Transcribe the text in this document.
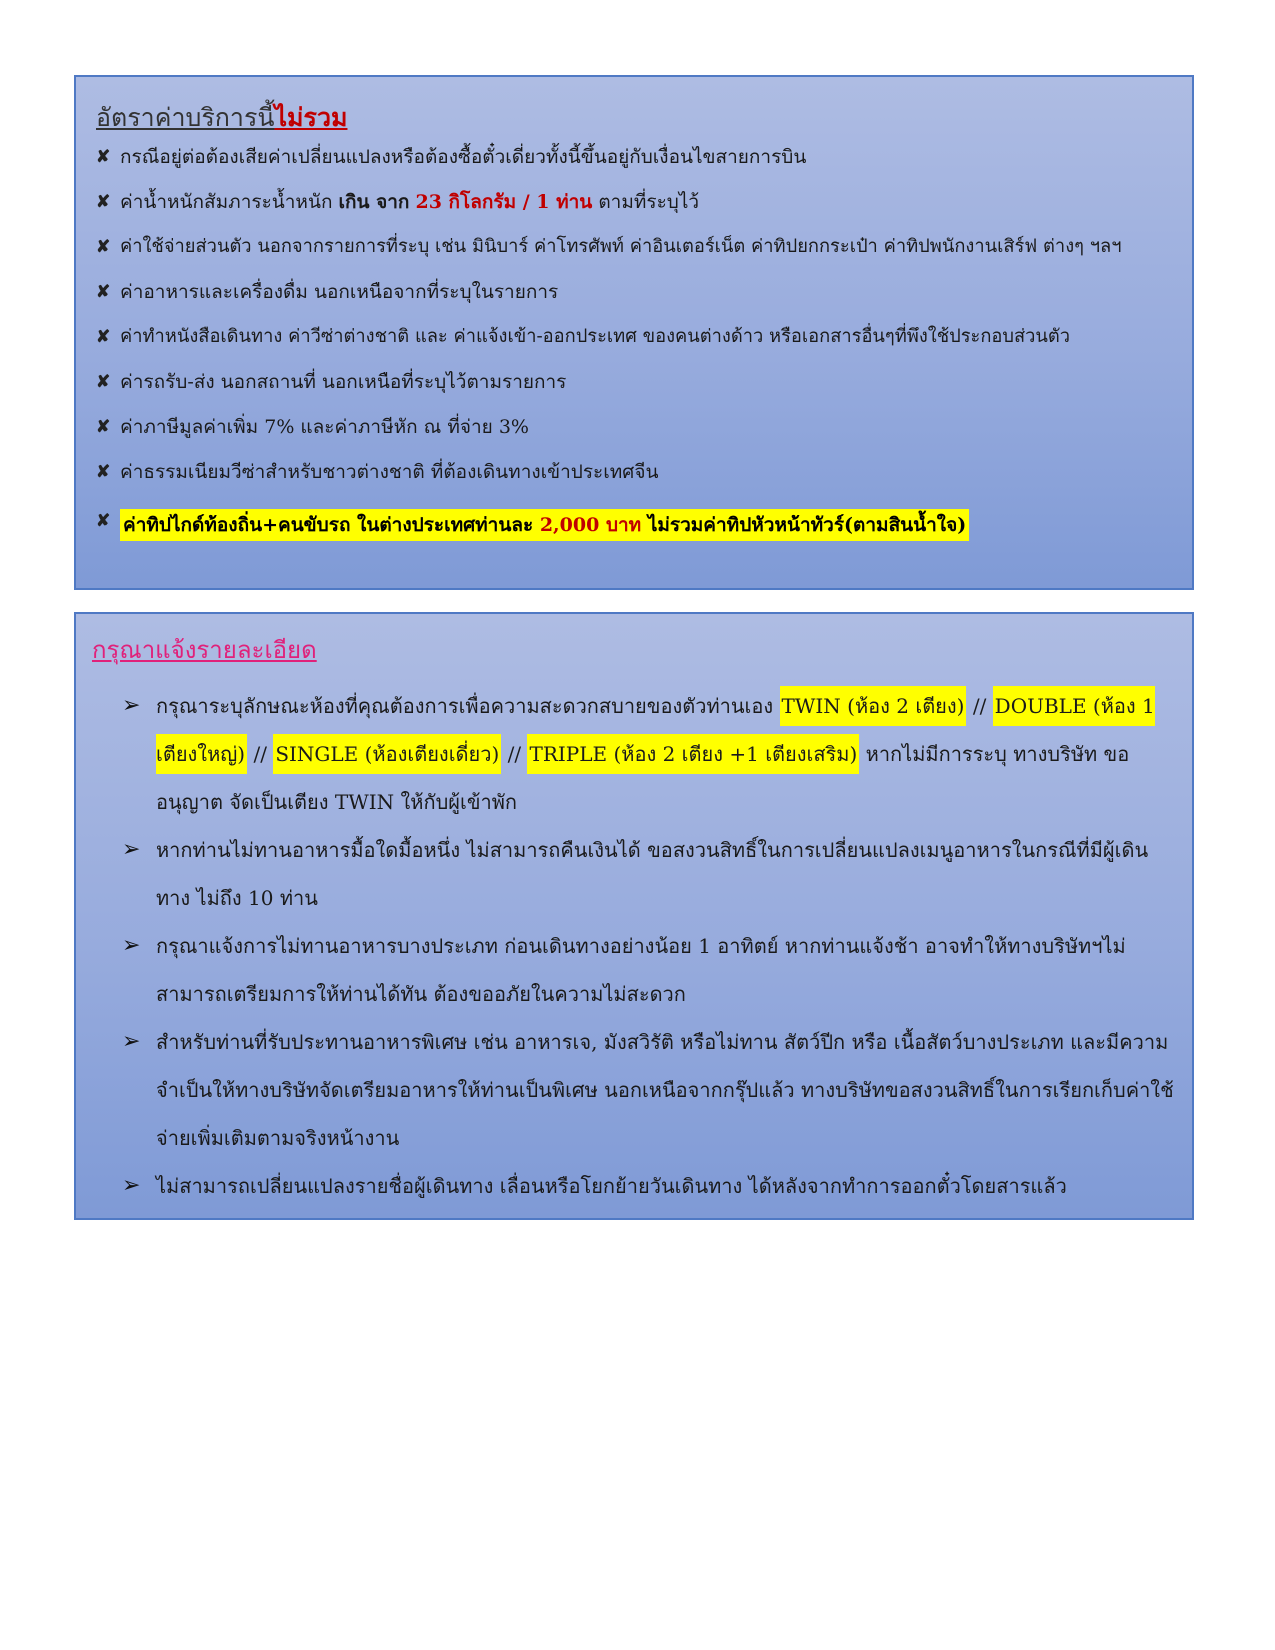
อัตราค่าบริการนี้ไม่รวม
✘ กรณีอยู่ต่อต้องเสียค่าเปลี่ยนแปลงหรือต้องซื้อตั๋วเดี่ยวทั้งนี้ขึ้นอยู่กับเงื่อนไขสายการบิน
✘ ค่าน้ำหนักสัมภาระน้ำหนัก เกิน จาก 23 กิโลกรัม / 1 ท่าน ตามที่ระบุไว้
✘ ค่าใช้จ่ายส่วนตัว นอกจากรายการที่ระบุ เช่น มินิบาร์ ค่าโทรศัพท์ ค่าอินเตอร์เน็ต ค่าทิปยกกระเป๋า ค่าทิปพนักงานเสิร์ฟ ต่างๆ ฯลฯ
✘ ค่าอาหารและเครื่องดื่ม นอกเหนือจากที่ระบุในรายการ
✘ ค่าทำหนังสือเดินทาง ค่าวีซ่าต่างชาติ และ ค่าแจ้งเข้า-ออกประเทศ ของคนต่างด้าว หรือเอกสารอื่นๆที่พึงใช้ประกอบส่วนตัว
✘ ค่ารถรับ-ส่ง นอกสถานที่ นอกเหนือที่ระบุไว้ตามรายการ
✘ ค่าภาษีมูลค่าเพิ่ม 7% และค่าภาษีหัก ณ ที่จ่าย 3%
✘ ค่าธรรมเนียมวีซ่าสำหรับชาวต่างชาติ ที่ต้องเดินทางเข้าประเทศจีน
✘ ค่าทิปไกด์ท้องถิ่น+คนขับรถ ในต่างประเทศท่านละ 2,000 บาท ไม่รวมค่าทิปหัวหน้าทัวร์(ตามสินน้ำใจ)
กรุณาแจ้งรายละเอียด
➢ กรุณาระบุลักษณะห้องที่คุณต้องการเพื่อความสะดวกสบายของตัวท่านเอง TWIN (ห้อง 2 เตียง) // DOUBLE (ห้อง 1 เตียงใหญ่) // SINGLE (ห้องเตียงเดี่ยว) // TRIPLE (ห้อง 2 เตียง +1 เตียงเสริม) หากไม่มีการระบุ ทางบริษัท ขออนุญาต จัดเป็นเตียง TWIN ให้กับผู้เข้าพัก
➢ หากท่านไม่ทานอาหารมื้อใดมื้อหนึ่ง ไม่สามารถคืนเงินได้ ขอสงวนสิทธิ์ในการเปลี่ยนแปลงเมนูอาหารในกรณีที่มีผู้เดินทาง ไม่ถึง 10 ท่าน
➢ กรุณาแจ้งการไม่ทานอาหารบางประเภท ก่อนเดินทางอย่างน้อย 1 อาทิตย์ หากท่านแจ้งช้า อาจทำให้ทางบริษัทฯไม่สามารถเตรียมการให้ท่านได้ทัน ต้องขออภัยในความไม่สะดวก
➢ สำหรับท่านที่รับประทานอาหารพิเศษ เช่น อาหารเจ, มังสวิรัติ หรือไม่ทาน สัตว์ปีก หรือ เนื้อสัตว์บางประเภท และมีความจำเป็นให้ทางบริษัทจัดเตรียมอาหารให้ท่านเป็นพิเศษ นอกเหนือจากกรุ๊ปแล้ว ทางบริษัทขอสงวนสิทธิ์ในการเรียกเก็บค่าใช้จ่ายเพิ่มเติมตามจริงหน้างาน
➢ ไม่สามารถเปลี่ยนแปลงรายชื่อผู้เดินทาง เลื่อนหรือโยกย้ายวันเดินทาง ได้หลังจากทำการออกตั๋วโดยสารแล้ว
